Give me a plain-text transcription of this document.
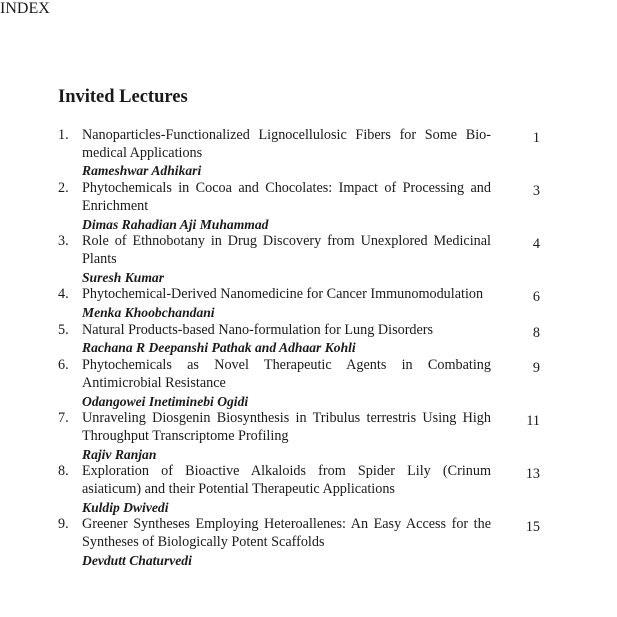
INDEX
Invited Lectures
1. Nanoparticles-Functionalized Lignocellulosic Fibers for Some Bio-medical Applications
Rameshwar Adhikari
1
2. Phytochemicals in Cocoa and Chocolates: Impact of Processing and Enrichment
Dimas Rahadian Aji Muhammad
3
3. Role of Ethnobotany in Drug Discovery from Unexplored Medicinal Plants
Suresh Kumar
4
4. Phytochemical-Derived Nanomedicine for Cancer Immunomodulation
Menka Khoobchandani
6
5. Natural Products-based Nano-formulation for Lung Disorders
Rachana R Deepanshi Pathak and Adhaar Kohli
8
6. Phytochemicals as Novel Therapeutic Agents in Combating Antimicrobial Resistance
Odangowei Inetiminebi Ogidi
9
7. Unraveling Diosgenin Biosynthesis in Tribulus terrestris Using High Throughput Transcriptome Profiling
Rajiv Ranjan
11
8. Exploration of Bioactive Alkaloids from Spider Lily (Crinum asiaticum) and their Potential Therapeutic Applications
Kuldip Dwivedi
13
9. Greener Syntheses Employing Heteroallenes: An Easy Access for the Syntheses of Biologically Potent Scaffolds
Devdutt Chaturvedi
15
